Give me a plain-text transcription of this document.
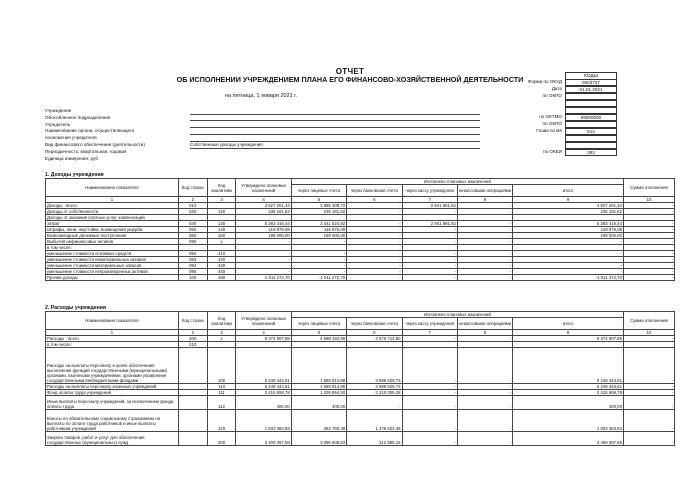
ОТЧЕТ
ОБ ИСПОЛНЕНИИ УЧРЕЖДЕНИЕМ ПЛАНА ЕГО ФИНАНСОВО-ХОЗЯЙСТВЕННОЙ ДЕЯТЕЛЬНОСТИ
на пятница, 1 января 2021 г.
КОДЫ
Форма по ОКУД	0503737
Дата	01.01.2021
по ОКПО
по ОКТМО	69000000
по ОКПО
Глава по БК	814
по ОКЕИ	383
Учреждение
Обособленное подразделение
Учредитель
Наименование органа, осуществляющего
полномочия учредителя
Вид финансового обеспечения (деятельности)	Собственные доходы учреждения
Периодичность: квартальная, годовая
Единица измерения: руб
1. Доходы учреждения
Наименование показателя	Код строки	Код аналитики	Утверждено плановых назначений	Исполнено плановых назначений					Сумма отклонения
				через лицевые счета	через банковские счета	через кассу учреждения	некассовыми операциями	итого	
1	2	3	4	5	6	7	8	9	10
Доходы - всего	010		4 827 201,34	3 885 309,72	-	2 941 891,62	-	4 827 201,34	-
Доходы от собственности	030	120	236 181,52	236 181,52	-	-	-	236 181,52	-
Доходы от оказания платных услуг, компенсаций									
затрат	040	130	5 283 416,44	2 341 524,82	-	2 941 891,62	-	5 283 416,44	-
Штрафы, пени, неустойки, возмещения ущерба	050	140	119 876,08	119 876,08	-	-	-	119 876,08	-
Безвозмездные денежные поступления	060	150	199 000,00	199 000,00	-	-	-	199 000,00	-
Выбытия нефинансовых активов	090	х	-	-	-	-	-	-	-
в том числе:									
уменьшение стоимости основных средств	092	410	-	-	-	-	-	-	-
уменьшение стоимости нематериальных активов	093	420	-	-	-	-	-	-	-
уменьшение стоимости материальных запасов	094	440	-	-	-	-	-	-	-
уменьшение стоимости непроизведенных активов	095	440	-	-	-	-	-	-	-
Прочие доходы	100	180	-1 011 272,70	-1 011 272,70	-	-	-	-1 011 272,70	-
2. Расходы учреждения
Наименование показателя	Код строки	Код аналитики	Утверждено плановых назначений	Исполнено плановых назначений					Сумма отклонения
				через лицевые счета	через банковские счета	через кассу учреждения	некассовыми операциями	итого	
1	2	3	4	5	6	7	8	9	10
Расходы - всего	200	х	9 374 907,88	4 698 192,98	4 676 714,80	-	-	9 374 907,88	-
в том числе:	210								
Расходы на выплаты персоналу в целях обеспечения выполнения функций государственными (муниципальными) органами, казенными учреждениями, органами управления государственными внебюджетными фондами		100	5 249 444,61	1 559 814,88	3 689 629,73	-	-	5 249 444,61	-
Расходы на выплаты персоналу казенных учреждений		110	5 249 444,61	1 559 814,88	3 689 629,73	-	-	5 249 444,61	-
Фонд оплаты труда учреждений		111	3 415 659,78	1 205 654,50	2 210 005,28	-	-	3 415 659,78	-
Иные выплаты персоналу учреждений, за исключением фонда оплаты труда		112	400,00	400,00	-	-	-	400,00	-
Взносы по обязательному социальному страхованию на выплаты по оплате труда работников и иные выплаты работникам учреждений		119	1 833 384,83	353 760,38	1 479 624,45	-	-	1 833 384,83	-
Закупка товаров, работ и услуг для обеспечения государственных (муниципальных) нужд		200	3 409 397,68	3 096 508,53	312 889,15	-	-	3 409 397,68	-
